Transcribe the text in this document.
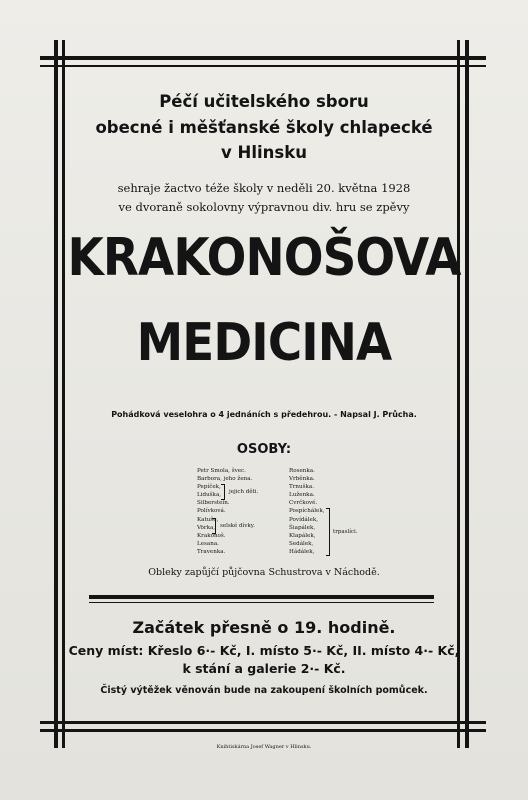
Péčí učitelského sboru
obecné i měšťanské školy chlapecké
v Hlinsku
sehraje žactvo téže školy v neděli 20. května 1928
ve dvoraně sokolovny výpravnou div. hru se zpěvy
KRAKONOŠOVA
MEDICINA
Pohádková veselohra o 4 jednáních s předehrou. - Napsal J. Průcha.
OSOBY:
Petr Smola, švec.
Barbora, jeho žena.
Pepíček,
Liduška,
Silberstein.
Polívková.
Katuše,
Vörka,
Krakonoš.
Lesana.
Travenka.
jejich děti.
selské dívky.
Rosenka.
Vrběnka.
Trnuška.
Luženka.
Cvrčkové.
Pospíchálek,
Povídálek,
Šiapálek,
Klapálek,
Sedálek,
Hádálek,
trpaslíci.
Obleky zapůjčí půjčovna Schustrova v Náchodě.
Začátek přesně o 19. hodině.
Ceny míst: Křeslo 6·- Kč, I. místo 5·- Kč, II. místo 4·- Kč,
k stání a galerie 2·- Kč.
Čistý výtěžek věnován bude na zakoupení školních pomůcek.
Knihtiskárna Josef Wagner v Hlinsku.
